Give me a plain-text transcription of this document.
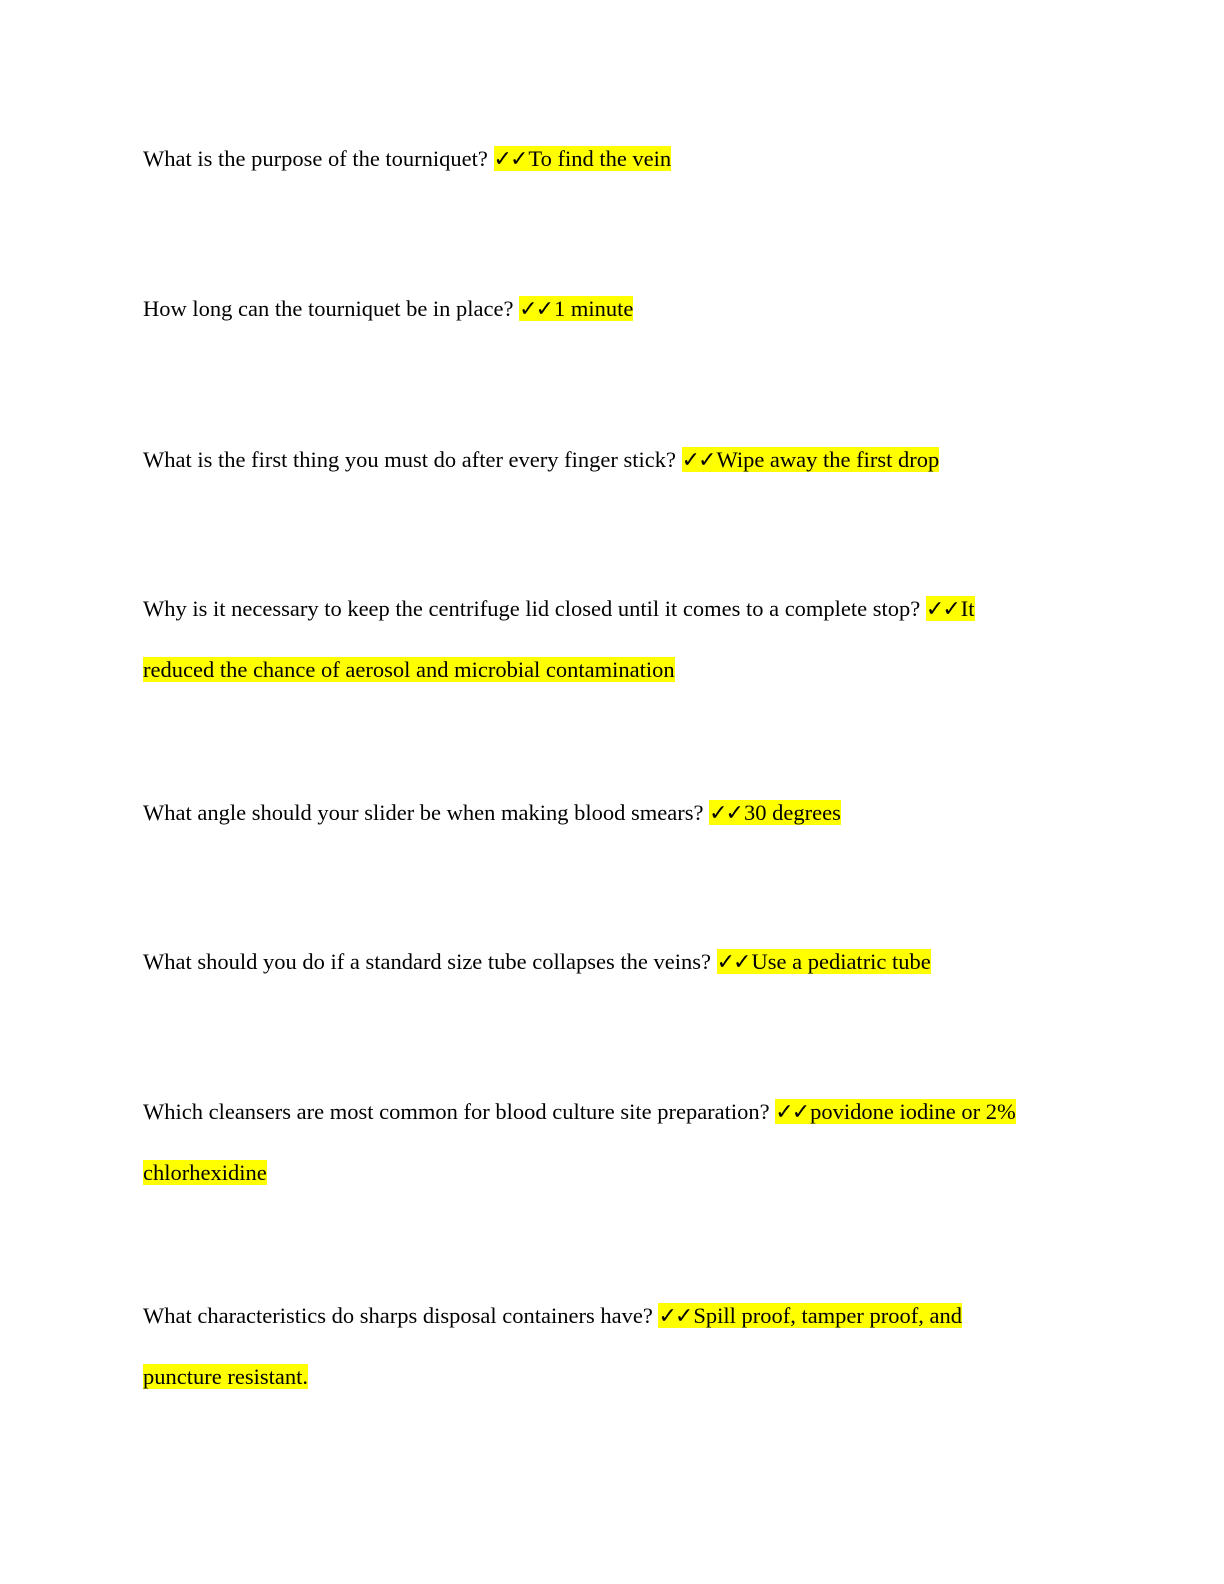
What is the purpose of the tourniquet? ✓✓To find the vein

How long can the tourniquet be in place? ✓✓1 minute

What is the first thing you must do after every finger stick? ✓✓Wipe away the first drop

Why is it necessary to keep the centrifuge lid closed until it comes to a complete stop? ✓✓It reduced the chance of aerosol and microbial contamination

What angle should your slider be when making blood smears? ✓✓30 degrees

What should you do if a standard size tube collapses the veins? ✓✓Use a pediatric tube

Which cleansers are most common for blood culture site preparation? ✓✓povidone iodine or 2% chlorhexidine

What characteristics do sharps disposal containers have? ✓✓Spill proof, tamper proof, and puncture resistant.
